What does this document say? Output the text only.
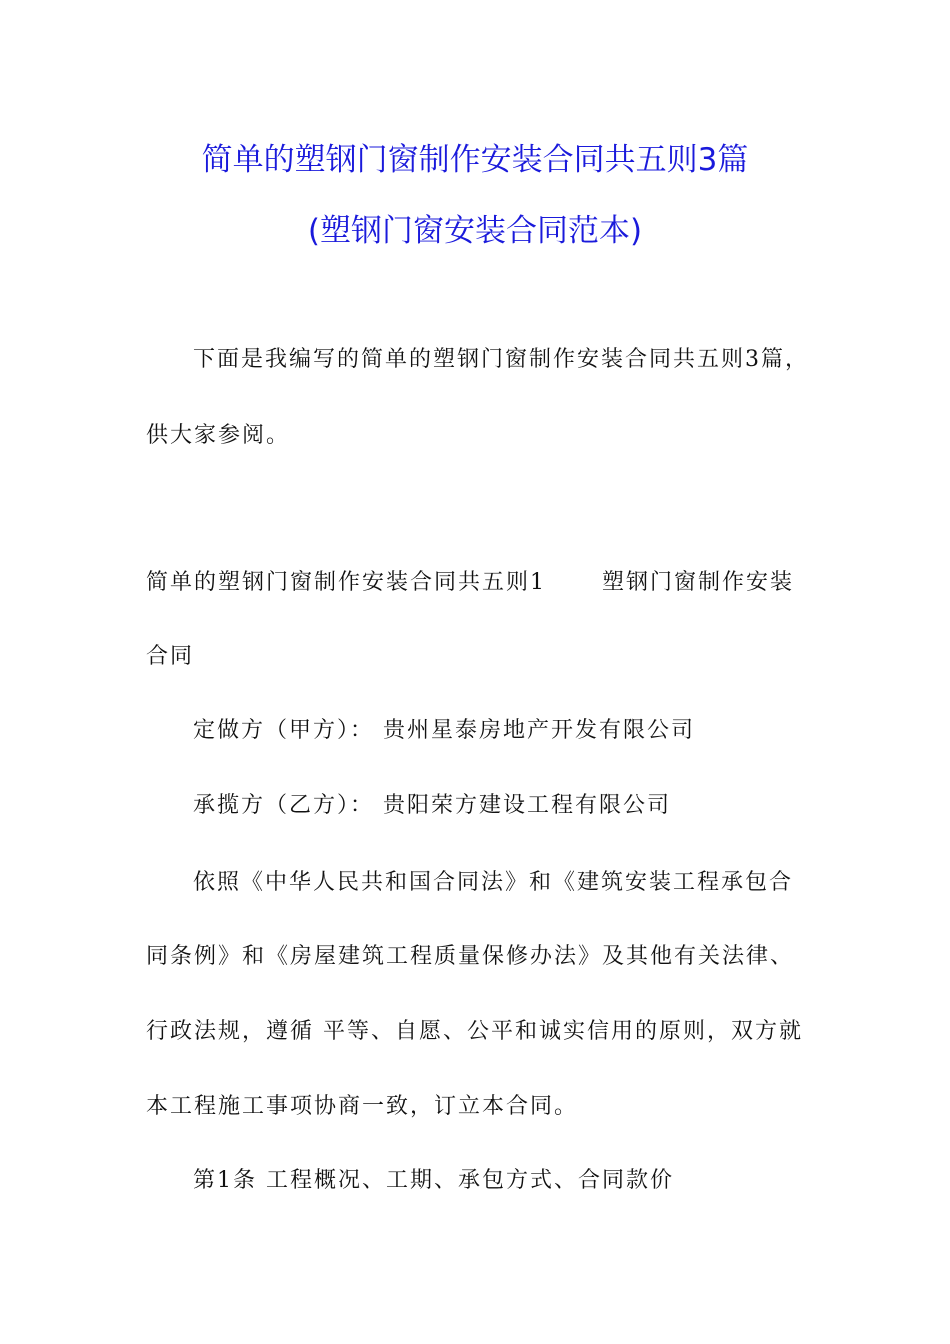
简单的塑钢门窗制作安装合同共五则3篇
(塑钢门窗安装合同范本)
下面是我编写的简单的塑钢门窗制作安装合同共五则3篇，
供大家参阅。
简单的塑钢门窗制作安装合同共五则1	塑钢门窗制作安装
合同
定做方（甲方）： 贵州星泰房地产开发有限公司
承揽方（乙方）： 贵阳荣方建设工程有限公司
依照《中华人民共和国合同法》和《建筑安装工程承包合
同条例》和《房屋建筑工程质量保修办法》及其他有关法律、
行政法规，遵循 平等、自愿、公平和诚实信用的原则，双方就
本工程施工事项协商一致，订立本合同。
第1条 工程概况、工期、承包方式、合同款价
